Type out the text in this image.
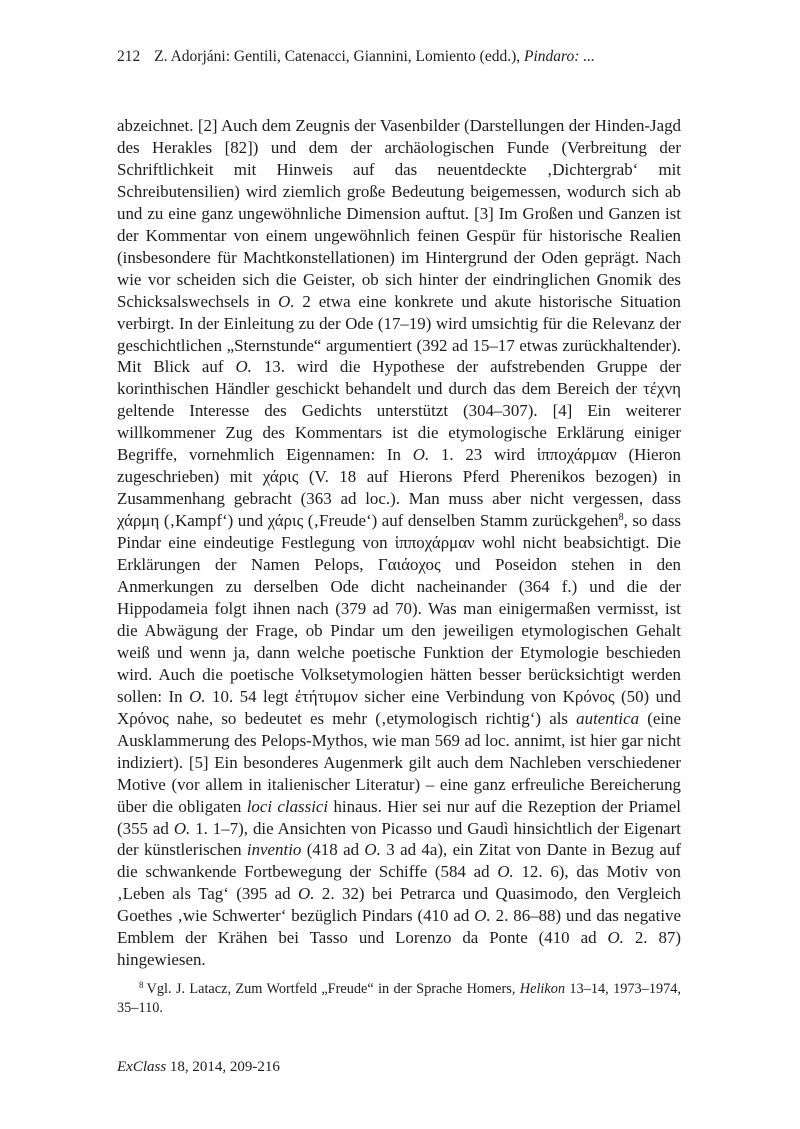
212 Z. Adorjáni: Gentili, Catenacci, Giannini, Lomiento (edd.), Pindaro: ...

abzeichnet. [2] Auch dem Zeugnis der Vasenbilder (Darstellungen der Hinden-Jagd des Herakles [82]) und dem der archäologischen Funde (Verbreitung der Schriftlichkeit mit Hinweis auf das neuentdeckte ‚Dichtergrab‘ mit Schreibutensilien) wird ziemlich große Bedeutung beigemessen, wodurch sich ab und zu eine ganz ungewöhnliche Dimension auftut. [3] Im Großen und Ganzen ist der Kommentar von einem ungewöhnlich feinen Gespür für historische Realien (insbesondere für Machtkonstellationen) im Hintergrund der Oden geprägt. Nach wie vor scheiden sich die Geister, ob sich hinter der eindringlichen Gnomik des Schicksalswechsels in O. 2 etwa eine konkrete und akute historische Situation verbirgt. In der Einleitung zu der Ode (17–19) wird umsichtig für die Relevanz der geschichtlichen „Sternstunde“ argumentiert (392 ad 15–17 etwas zurückhaltender). Mit Blick auf O. 13. wird die Hypothese der aufstrebenden Gruppe der korinthischen Händler geschickt behandelt und durch das dem Bereich der τέχνη geltende Interesse des Gedichts unterstützt (304–307). [4] Ein weiterer willkommener Zug des Kommentars ist die etymologische Erklärung einiger Begriffe, vornehmlich Eigennamen: In O. 1. 23 wird ἱπποχάρμαν (Hieron zugeschrieben) mit χάρις (V. 18 auf Hierons Pferd Pherenikos bezogen) in Zusammenhang gebracht (363 ad loc.). Man muss aber nicht vergessen, dass χάρμη (‚Kampf‘) und χάρις (‚Freude‘) auf denselben Stamm zurückgehen$^8$, so dass Pindar eine eindeutige Festlegung von ἱπποχάρμαν wohl nicht beabsichtigt. Die Erklärungen der Namen Pelops, Γαιάοχος und Poseidon stehen in den Anmerkungen zu derselben Ode dicht nacheinander (364 f.) und die der Hippodameia folgt ihnen nach (379 ad 70). Was man einigermaßen vermisst, ist die Abwägung der Frage, ob Pindar um den jeweiligen etymologischen Gehalt weiß und wenn ja, dann welche poetische Funktion der Etymologie beschieden wird. Auch die poetische Volksetymologien hätten besser berücksichtigt werden sollen: In O. 10. 54 legt ἐτήτυμον sicher eine Verbindung von Κρόνος (50) und Χρόνος nahe, so bedeutet es mehr (‚etymologisch richtig‘) als autentica (eine Ausklammerung des Pelops-Mythos, wie man 569 ad loc. annimt, ist hier gar nicht indiziert). [5] Ein besonderes Augenmerk gilt auch dem Nachleben verschiedener Motive (vor allem in italienischer Literatur) – eine ganz erfreuliche Bereicherung über die obligaten loci classici hinaus. Hier sei nur auf die Rezeption der Priamel (355 ad O. 1. 1–7), die Ansichten von Picasso und Gaudì hinsichtlich der Eigenart der künstlerischen inventio (418 ad O. 3 ad 4a), ein Zitat von Dante in Bezug auf die schwankende Fortbewegung der Schiffe (584 ad O. 12. 6), das Motiv von ‚Leben als Tag‘ (395 ad O. 2. 32) bei Petrarca und Quasimodo, den Vergleich Goethes ‚wie Schwerter‘ bezüglich Pindars (410 ad O. 2. 86–88) und das negative Emblem der Krähen bei Tasso und Lorenzo da Ponte (410 ad O. 2. 87) hingewiesen.

$^8$ Vgl. J. Latacz, Zum Wortfeld „Freude“ in der Sprache Homers, Helikon 13–14, 1973–1974, 35–110.
ExClass 18, 2014, 209-216
